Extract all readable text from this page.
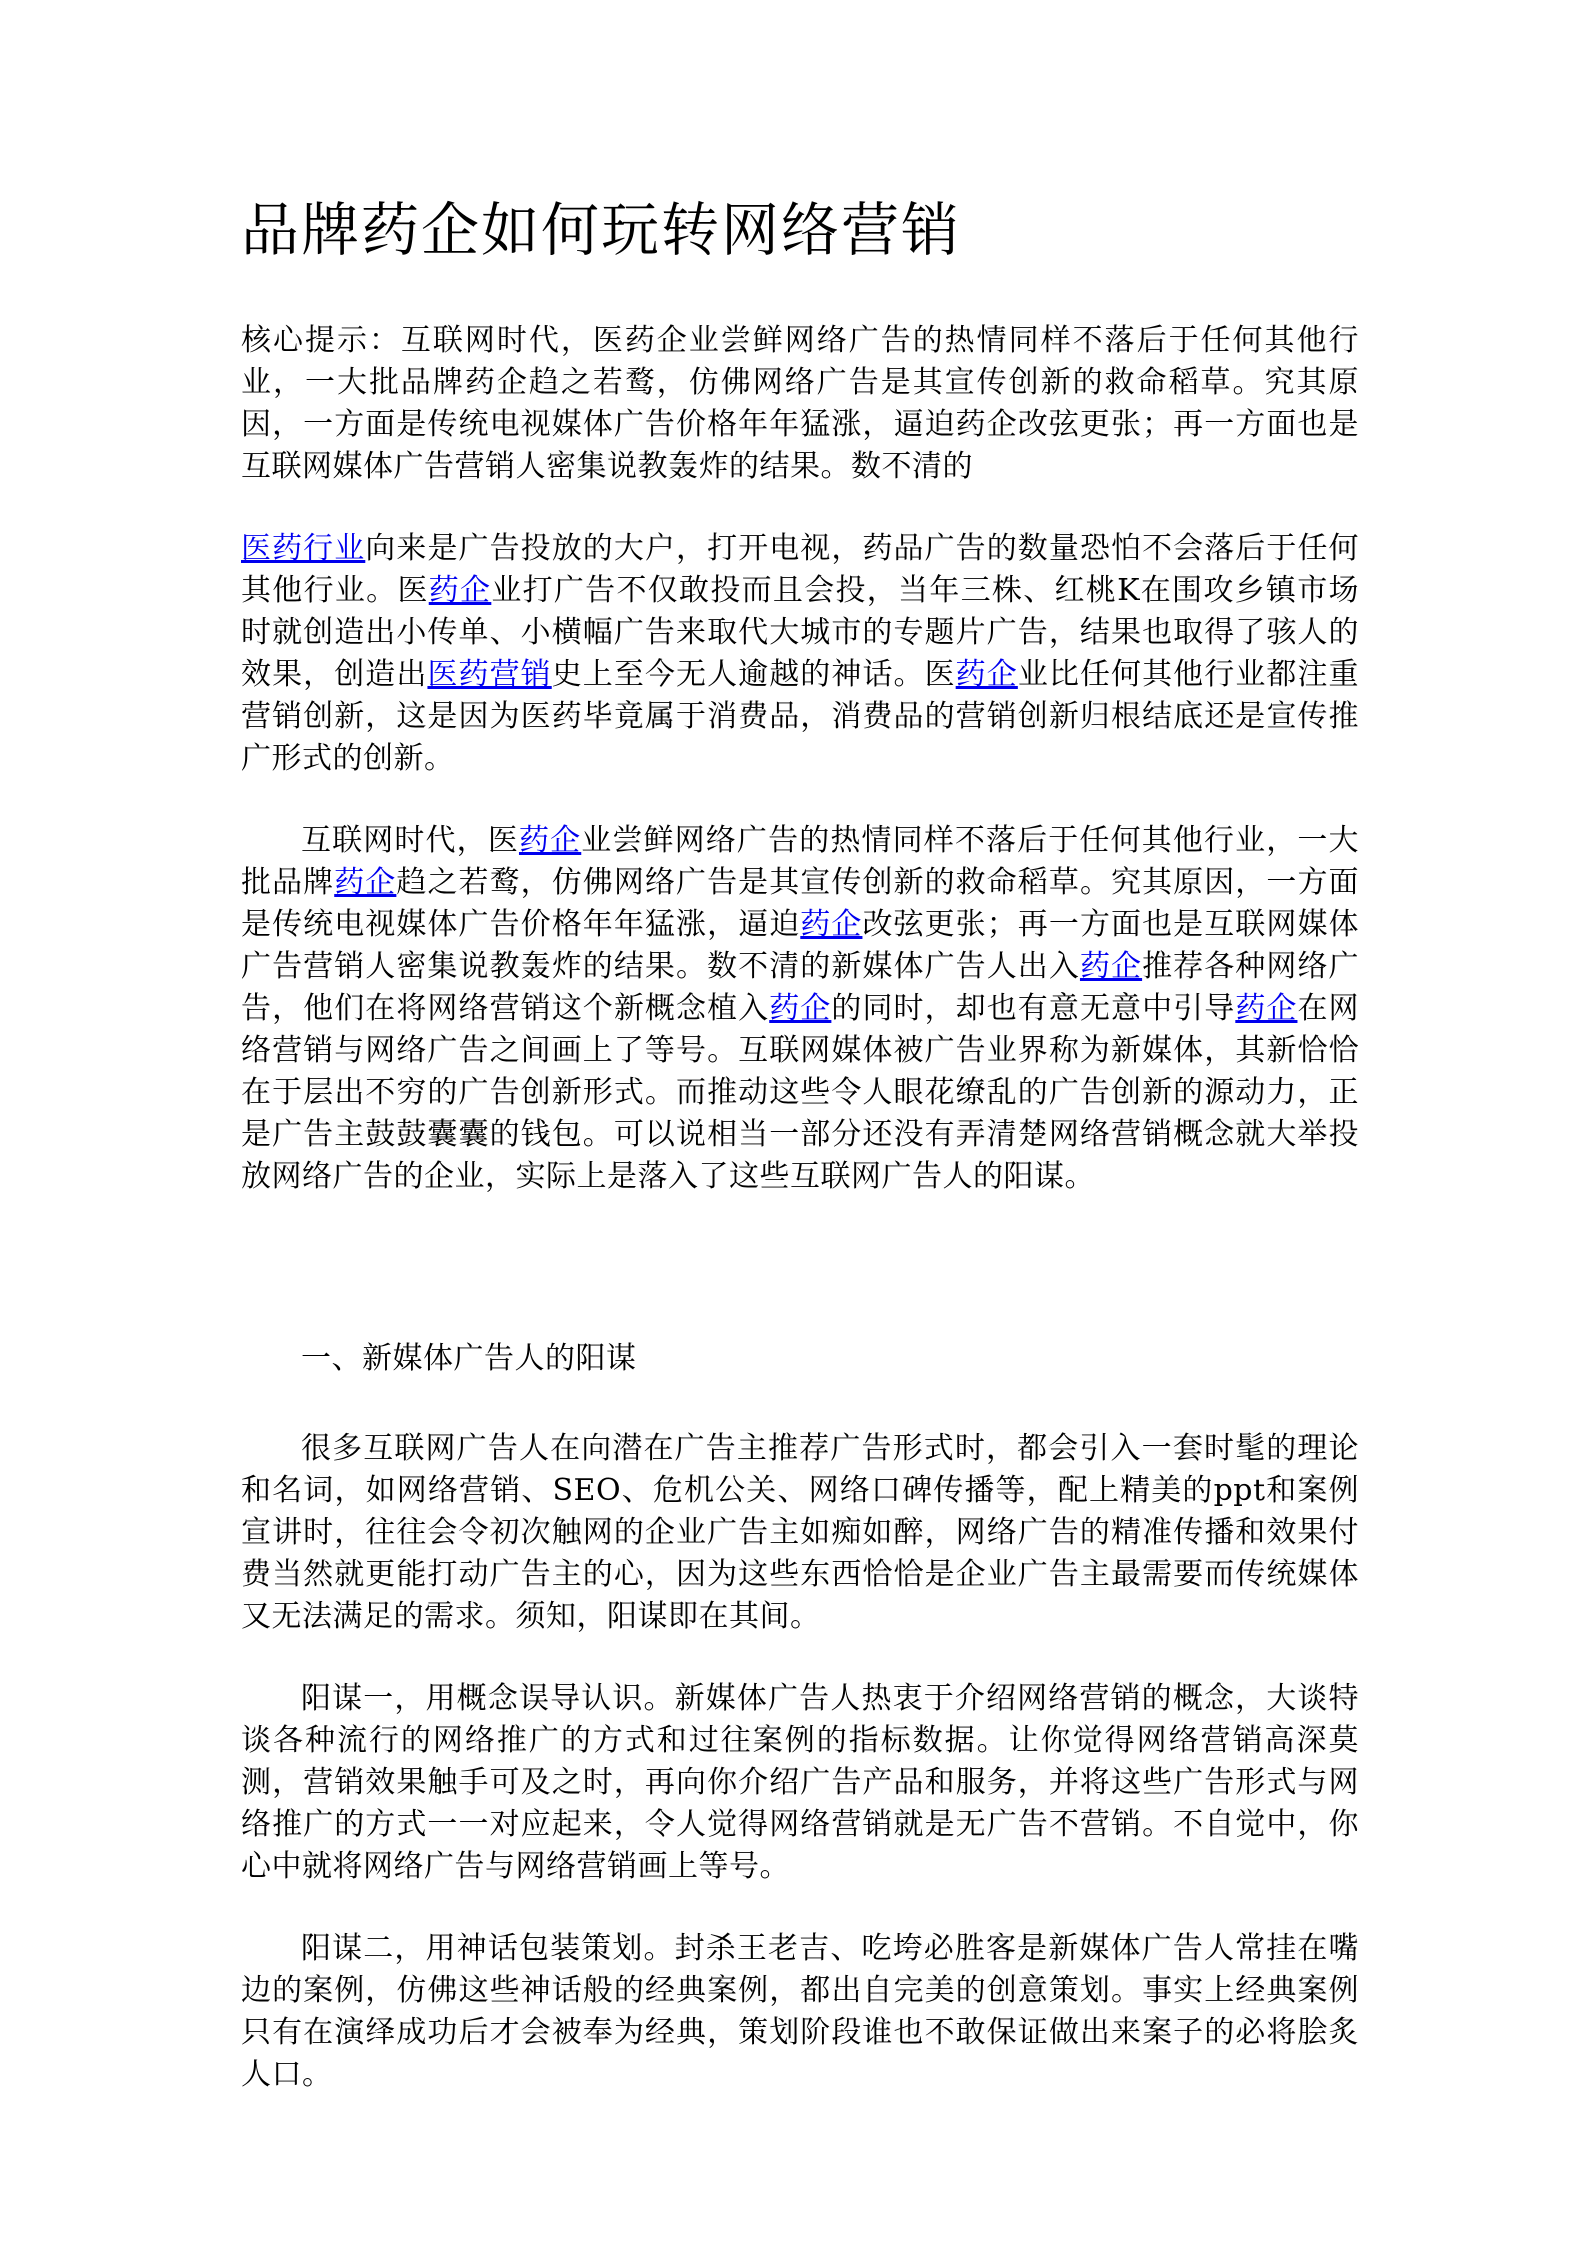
品牌药企如何玩转网络营销

核心提示：互联网时代，医药企业尝鲜网络广告的热情同样不落后于任何其他行业，一大批品牌药企趋之若鹜，仿佛网络广告是其宣传创新的救命稻草。究其原因，一方面是传统电视媒体广告价格年年猛涨，逼迫药企改弦更张；再一方面也是互联网媒体广告营销人密集说教轰炸的结果。数不清的

医药行业向来是广告投放的大户，打开电视，药品广告的数量恐怕不会落后于任何其他行业。医药企业打广告不仅敢投而且会投，当年三株、红桃K在围攻乡镇市场时就创造出小传单、小横幅广告来取代大城市的专题片广告，结果也取得了骇人的效果，创造出医药营销史上至今无人逾越的神话。医药企业比任何其他行业都注重营销创新，这是因为医药毕竟属于消费品，消费品的营销创新归根结底还是宣传推广形式的创新。

互联网时代，医药企业尝鲜网络广告的热情同样不落后于任何其他行业，一大批品牌药企趋之若鹜，仿佛网络广告是其宣传创新的救命稻草。究其原因，一方面是传统电视媒体广告价格年年猛涨，逼迫药企改弦更张；再一方面也是互联网媒体广告营销人密集说教轰炸的结果。数不清的新媒体广告人出入药企推荐各种网络广告，他们在将网络营销这个新概念植入药企的同时，却也有意无意中引导药企在网络营销与网络广告之间画上了等号。互联网媒体被广告业界称为新媒体，其新恰恰在于层出不穷的广告创新形式。而推动这些令人眼花缭乱的广告创新的源动力，正是广告主鼓鼓囊囊的钱包。可以说相当一部分还没有弄清楚网络营销概念就大举投放网络广告的企业，实际上是落入了这些互联网广告人的阳谋。

一、新媒体广告人的阳谋

很多互联网广告人在向潜在广告主推荐广告形式时，都会引入一套时髦的理论和名词，如网络营销、SEO、危机公关、网络口碑传播等，配上精美的ppt和案例宣讲时，往往会令初次触网的企业广告主如痴如醉，网络广告的精准传播和效果付费当然就更能打动广告主的心，因为这些东西恰恰是企业广告主最需要而传统媒体又无法满足的需求。须知，阳谋即在其间。

阳谋一，用概念误导认识。新媒体广告人热衷于介绍网络营销的概念，大谈特谈各种流行的网络推广的方式和过往案例的指标数据。让你觉得网络营销高深莫测，营销效果触手可及之时，再向你介绍广告产品和服务，并将这些广告形式与网络推广的方式一一对应起来，令人觉得网络营销就是无广告不营销。不自觉中，你心中就将网络广告与网络营销画上等号。

阳谋二，用神话包装策划。封杀王老吉、吃垮必胜客是新媒体广告人常挂在嘴边的案例，仿佛这些神话般的经典案例，都出自完美的创意策划。事实上经典案例只有在演绎成功后才会被奉为经典，策划阶段谁也不敢保证做出来案子的必将脍炙人口。
